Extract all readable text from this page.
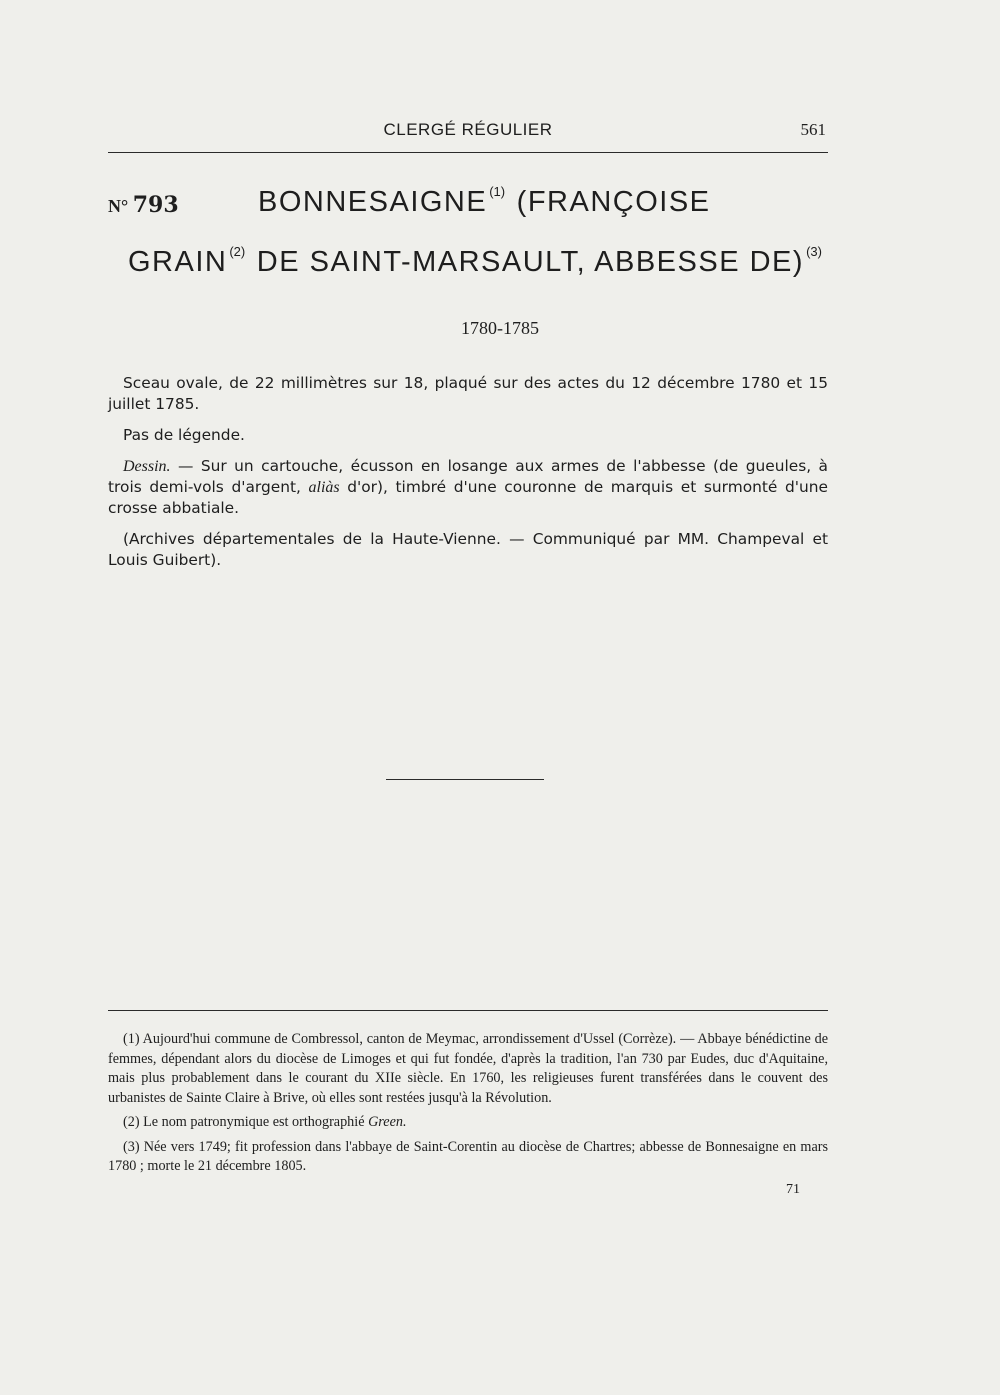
CLERGÉ RÉGULIER	561
N° 793	BONNESAIGNE $^{(1)}$ (FRANÇOISE
GRAIN $^{(2)}$ DE SAINT-MARSAULT, ABBESSE DE) $^{(3)}$
1780-1785

Sceau ovale, de 22 millimètres sur 18, plaqué sur des actes du 12 décembre 1780 et 15 juillet 1785.

Pas de légende.

Dessin. — Sur un cartouche, écusson en losange aux armes de l'abbesse (de gueules, à trois demi-vols d'argent, aliàs d'or), timbré d'une couronne de marquis et surmonté d'une crosse abbatiale.

(Archives départementales de la Haute-Vienne. — Communiqué par MM. Champeval et Louis Guibert).

(1) Aujourd'hui commune de Combressol, canton de Meymac, arrondissement d'Ussel (Corrèze). — Abbaye bénédictine de femmes, dépendant alors du diocèse de Limoges et qui fut fondée, d'après la tradition, l'an 730 par Eudes, duc d'Aquitaine, mais plus probablement dans le courant du XIIe siècle. En 1760, les religieuses furent transférées dans le couvent des urbanistes de Sainte Claire à Brive, où elles sont restées jusqu'à la Révolution.

(2) Le nom patronymique est orthographié Green.

(3) Née vers 1749; fit profession dans l'abbaye de Saint-Corentin au diocèse de Chartres; abbesse de Bonnesaigne en mars 1780 ; morte le 21 décembre 1805.

71
